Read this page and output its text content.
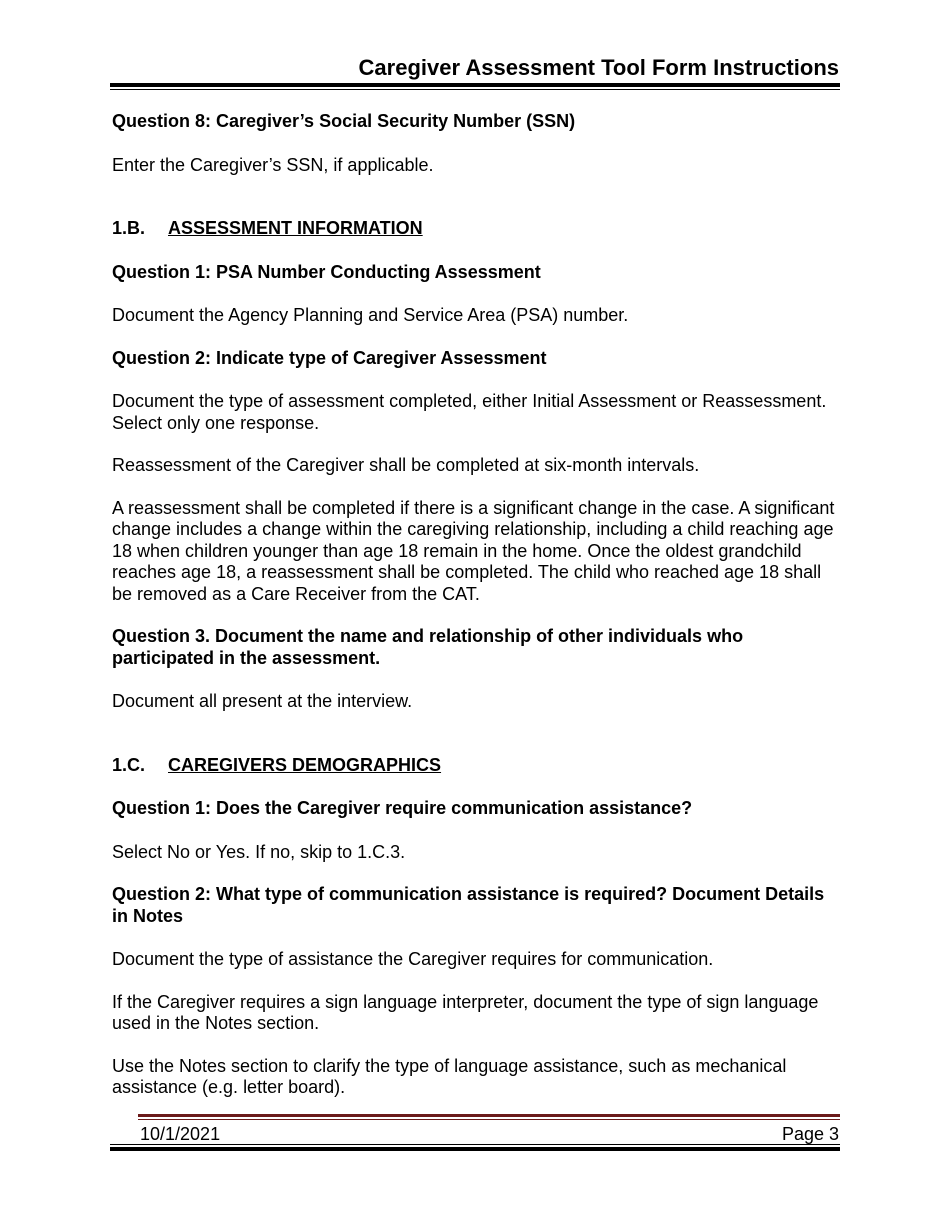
Caregiver Assessment Tool Form Instructions

Question 8: Caregiver’s Social Security Number (SSN)

Enter the Caregiver’s SSN, if applicable.

1.B. ASSESSMENT INFORMATION

Question 1: PSA Number Conducting Assessment

Document the Agency Planning and Service Area (PSA) number.

Question 2: Indicate type of Caregiver Assessment

Document the type of assessment completed, either Initial Assessment or Reassessment. Select only one response.

Reassessment of the Caregiver shall be completed at six-month intervals.

A reassessment shall be completed if there is a significant change in the case. A significant change includes a change within the caregiving relationship, including a child reaching age 18 when children younger than age 18 remain in the home. Once the oldest grandchild reaches age 18, a reassessment shall be completed. The child who reached age 18 shall be removed as a Care Receiver from the CAT.

Question 3. Document the name and relationship of other individuals who participated in the assessment.

Document all present at the interview.

1.C. CAREGIVERS DEMOGRAPHICS

Question 1: Does the Caregiver require communication assistance?

Select No or Yes. If no, skip to 1.C.3.

Question 2: What type of communication assistance is required? Document Details in Notes

Document the type of assistance the Caregiver requires for communication.

If the Caregiver requires a sign language interpreter, document the type of sign language used in the Notes section.

Use the Notes section to clarify the type of language assistance, such as mechanical assistance (e.g. letter board).

10/1/2021	Page 3
